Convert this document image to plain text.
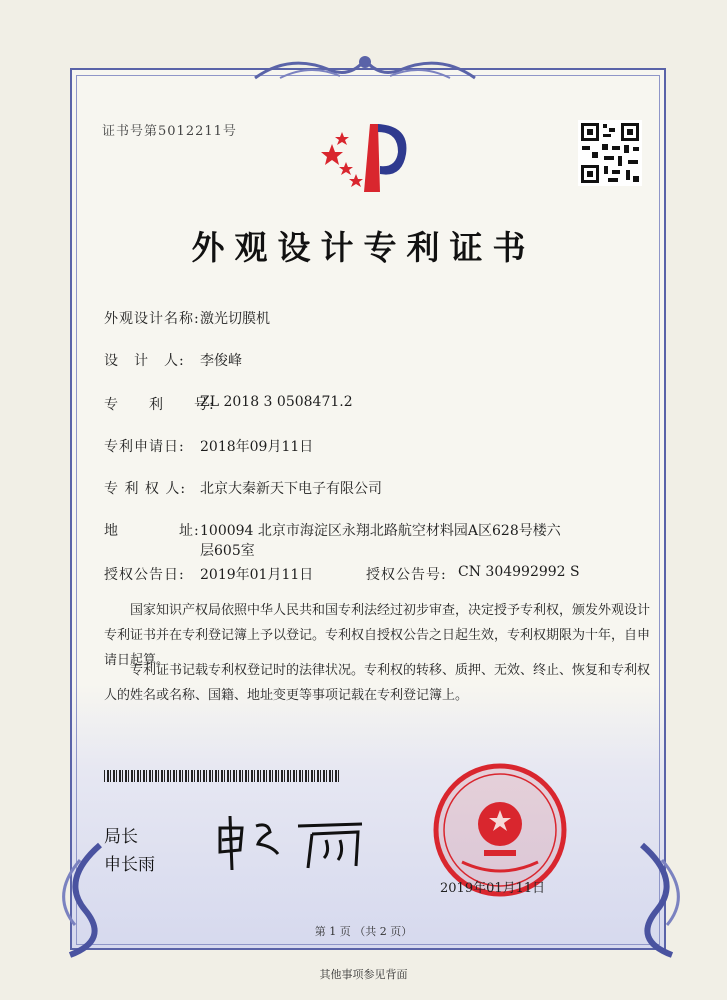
证书号第5012211号
外观设计专利证书
外观设计名称: 激光切膜机
设　计　人: 李俊峰
专　　利　　号:
ZL 2018 3 0508471.2
专利申请日: 2018年09月11日
专 利 权 人: 北京大秦新天下电子有限公司
地　　　　址: 100094 北京市海淀区永翔北路航空材料园A区628号楼六
层605室
授权公告日: 2019年01月11日	授权公告号: CN 304992992 S
国家知识产权局依照中华人民共和国专利法经过初步审查，决定授予专利权，颁发外观设计专利证书并在专利登记簿上予以登记。专利权自授权公告之日起生效，专利权期限为十年，自申请日起算。
专利证书记载专利权登记时的法律状况。专利权的转移、质押、无效、终止、恢复和专利权人的姓名或名称、国籍、地址变更等事项记载在专利登记簿上。
局长
申长雨
2019年01月11日
第 1 页 （共 2 页）
其他事项参见背面
